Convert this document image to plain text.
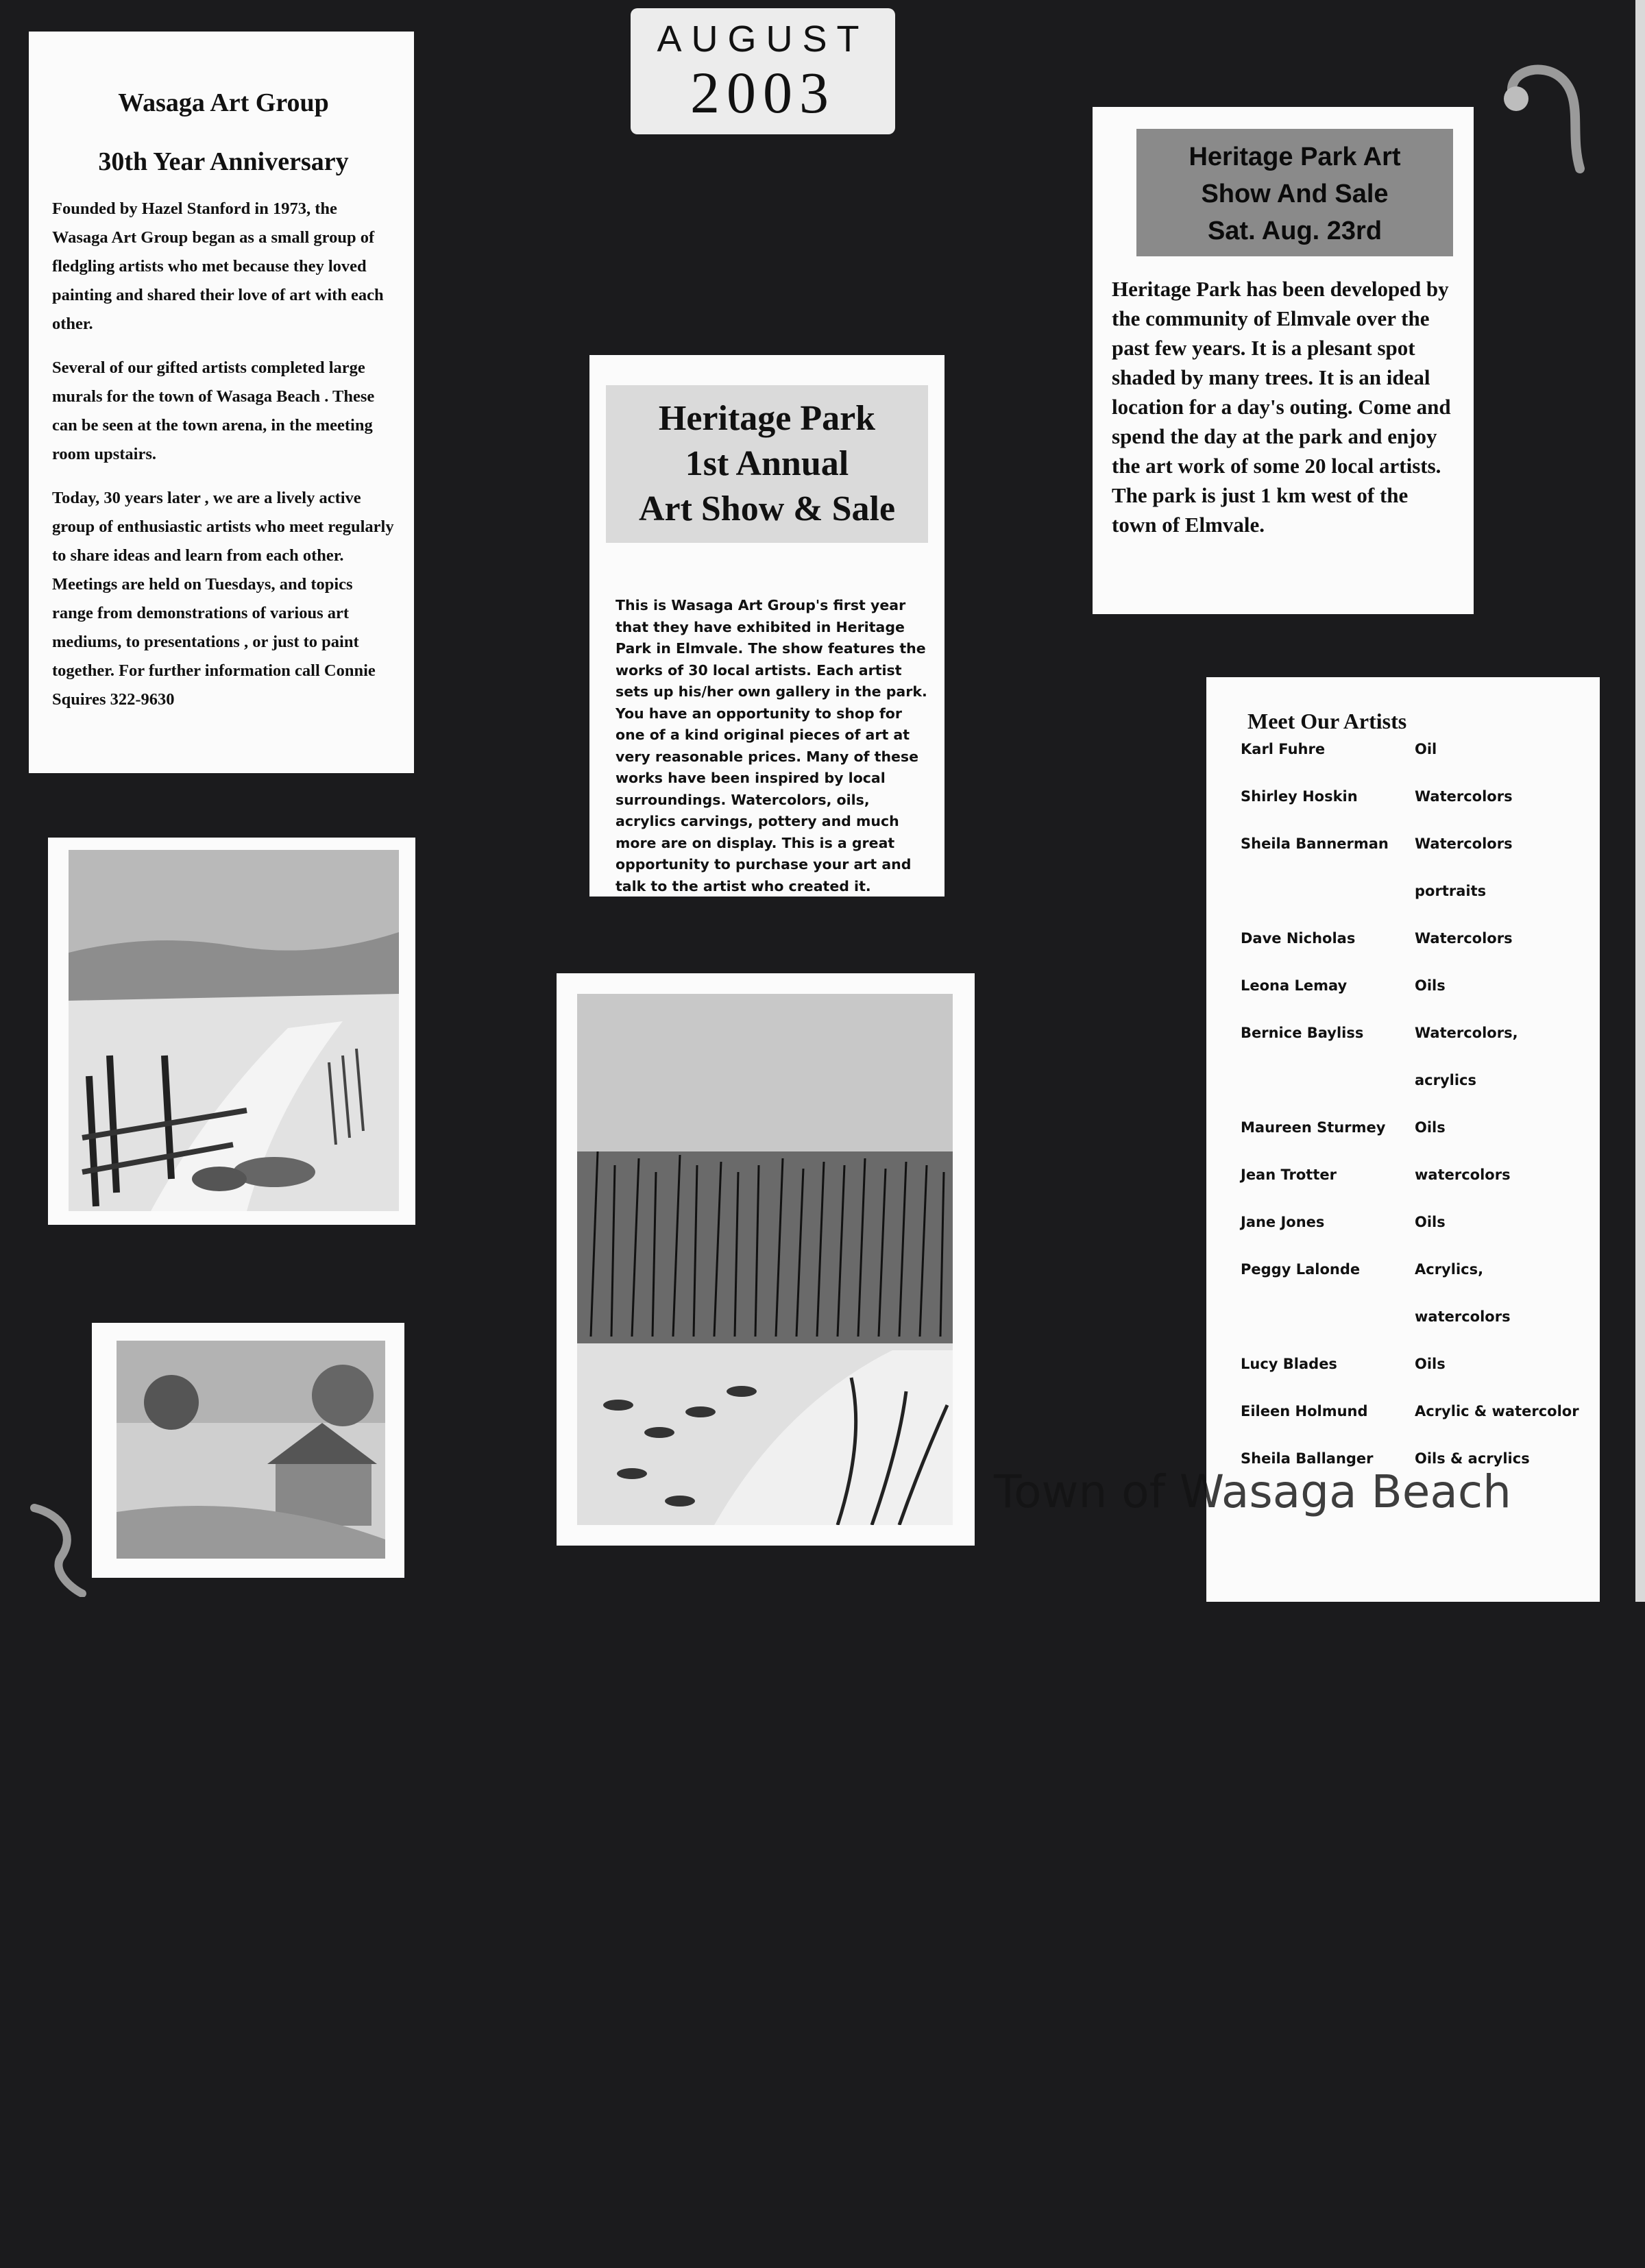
AUGUST
2003
Wasaga Art Group
30th Year Anniversary

Founded by Hazel Stanford in 1973, the Wasaga Art Group began as a small group of fledgling artists who met because they loved painting and shared their love of art with each other.

Several of our gifted artists completed large murals for the town of Wasaga Beach . These can be seen at the town arena, in the meeting room upstairs.

Today, 30 years later , we are a lively active group of enthusiastic artists who meet regularly to share ideas and learn from each other. Meetings are held on Tuesdays, and topics range from demonstrations of various art mediums, to presentations , or just to paint together. For further information call Connie Squires 322-9630

Heritage Park
1st Annual
Art Show & Sale

This is Wasaga Art Group's first year that they have exhibited in Heritage Park in Elmvale. The show features the works of 30 local artists. Each artist sets up his/her own gallery in the park. You have an opportunity to shop for one of a kind original pieces of art at very reasonable prices. Many of these works have been inspired by local surroundings. Watercolors, oils, acrylics carvings, pottery and much more are on display. This is a great opportunity to purchase your art and talk to the artist who created it.

Heritage Park Art
Show And Sale
Sat. Aug. 23rd

Heritage Park has been developed by the community of Elmvale over the past few years. It is a plesant spot shaded by many trees. It is an ideal location for a day's outing. Come and spend the day at the park and enjoy the art work of some 20 local artists. The park is just 1 km west of the town of Elmvale.

Meet Our Artists
Karl Fuhre	Oil
Shirley Hoskin	Watercolors
Sheila Bannerman Watercolors
portraits
Dave Nicholas	Watercolors
Leona Lemay	Oils
Bernice Bayliss	Watercolors,
acrylics
Maureen Sturmey Oils
Jean Trotter	watercolors
Jane Jones	Oils
Peggy Lalonde	Acrylics,
watercolors
Lucy Blades	Oils
Eileen Holmund	Acrylic & watercolor
Sheila Ballanger	Oils & acrylics
Town of Wasaga Beach
